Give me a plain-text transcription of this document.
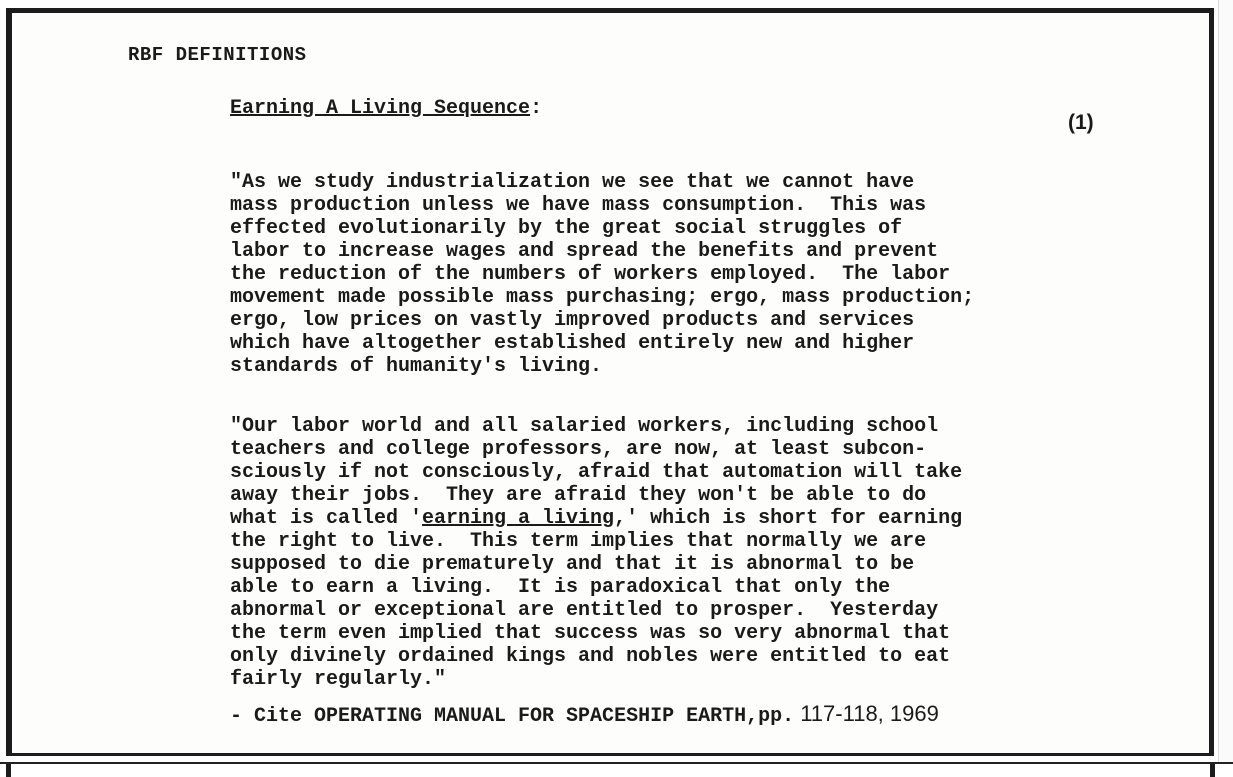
RBF DEFINITIONS
Earning A Living Sequence:
(1)

"As we study industrialization we see that we cannot have
mass production unless we have mass consumption.  This was
effected evolutionarily by the great social struggles of
labor to increase wages and spread the benefits and prevent
the reduction of the numbers of workers employed.  The labor
movement made possible mass purchasing; ergo, mass production;
ergo, low prices on vastly improved products and services
which have altogether established entirely new and higher
standards of humanity's living.

"Our labor world and all salaried workers, including school
teachers and college professors, are now, at least subcon-
sciously if not consciously, afraid that automation will take
away their jobs.  They are afraid they won't be able to do
what is called 'earning a living,' which is short for earning
the right to live.  This term implies that normally we are
supposed to die prematurely and that it is abnormal to be
able to earn a living.  It is paradoxical that only the
abnormal or exceptional are entitled to prosper.  Yesterday
the term even implied that success was so very abnormal that
only divinely ordained kings and nobles were entitled to eat
fairly regularly."

- Cite OPERATING MANUAL FOR SPACESHIP EARTH,pp. 117-118, 1969
